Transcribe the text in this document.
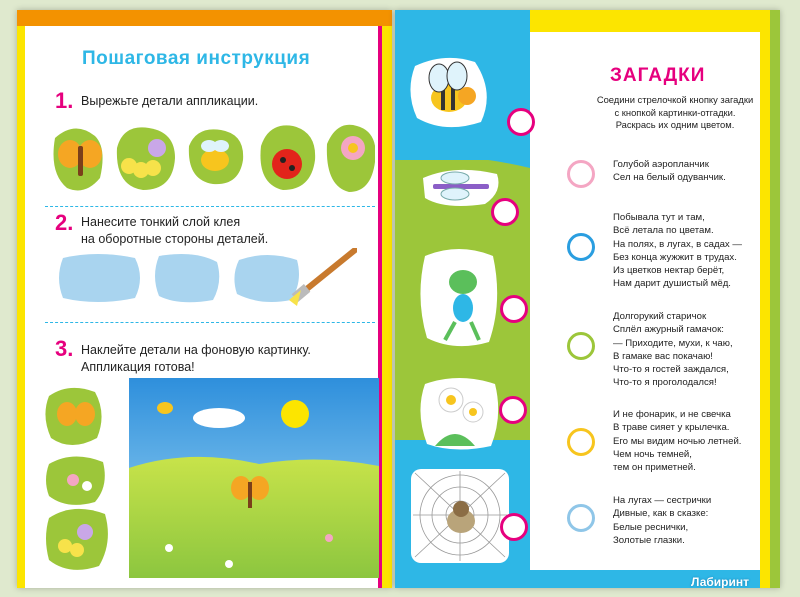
Пошаговая инструкция
1. Вырежьте детали аппликации.
2. Нанесите тонкий слой клея
на оборотные стороны деталей.
3. Наклейте детали на фоновую картинку.
Аппликация готова!
ЗАГАДКИ
Соедини стрелочкой кнопку загадки
с кнопкой картинки-отгадки.
Раскрась их одним цветом.
Голубой аэропланчик
Сел на белый одуванчик.
Побывала тут и там,
Всё летала по цветам.
На полях, в лугах, в садах —
Без конца жужжит в трудах.
Из цветков нектар берёт,
Нам дарит душистый мёд.
Долгорукий старичок
Сплёл ажурный гамачок:
— Приходите, мухи, к чаю,
В гамаке вас покачаю!
Что-то я гостей заждался,
Что-то я проголодался!
И не фонарик, и не свечка
В траве сияет у крылечка.
Его мы видим ночью летней.
Чем ночь темней,
тем он приметней.
На лугах — сестрички
Дивные, как в сказке:
Белые реснички,
Золотые глазки.
Лабиринт
